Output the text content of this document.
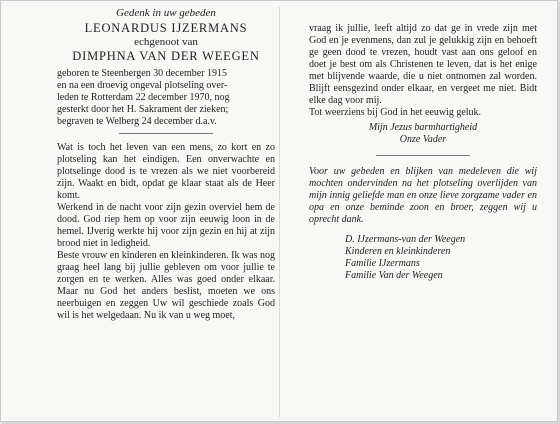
Gedenk in uw gebeden

LEONARDUS IJZERMANS

echgenoot van

DIMPHNA VAN DER WEEGEN

geboren te Steenbergen 30 december 1915

en na een droevig ongeval plotseling over-

leden te Rotterdam 22 december 1970, nog

gesterkt door het H. Sakrament der zieken;

begraven te Welberg 24 december d.a.v.

Wat is toch het leven van een mens, zo kort en zo plotseling kan het eindigen. Een onverwachte en plotselinge dood is te vrezen als we niet voorbereid zijn. Waakt en bidt, opdat ge klaar staat als de Heer komt.

Werkend in de nacht voor zijn gezin overviel hem de dood. God riep hem op voor zijn eeuwig loon in de hemel. IJverig werkte hij voor zijn gezin en hij at zijn brood niet in ledigheid.

Beste vrouw en kinderen en kleinkinderen. Ik was nog graag heel lang bij jullie gebleven om voor jullie te zorgen en te werken. Alles was goed onder elkaar. Maar nu God het anders beslist, moeten we ons neerbuigen en zeggen Uw wil geschiede zoals God wil is het welgedaan. Nu ik van u weg moet,

vraag ik jullie, leeft altijd zo dat ge in vrede zijn met God en je evenmens, dan zul je gelukkig zijn en behoeft ge geen dood te vrezen, houdt vast aan ons geloof en doet je best om als Christenen te leven, dat is het enige met blijvende waarde, die u niet ontnomen zal worden. Blijft eensgezind onder elkaar, en vergeet me niet. Bidt elke dag voor mij.

Tot weerziens bij God in het eeuwig geluk.

Mijn Jezus barmhartigheid

Onze Vader

Voor uw gebeden en blijken van medeleven die wij mochten ondervinden na het plotseling overlijden van mijn innig geliefde man en onze lieve zorgzame vader en opa en onze beminde zoon en broer, zeggen wij u oprecht dank.

D. IJzermans-van der Weegen

Kinderen en kleinkinderen

Familie IJzermans

Familie Van der Weegen
